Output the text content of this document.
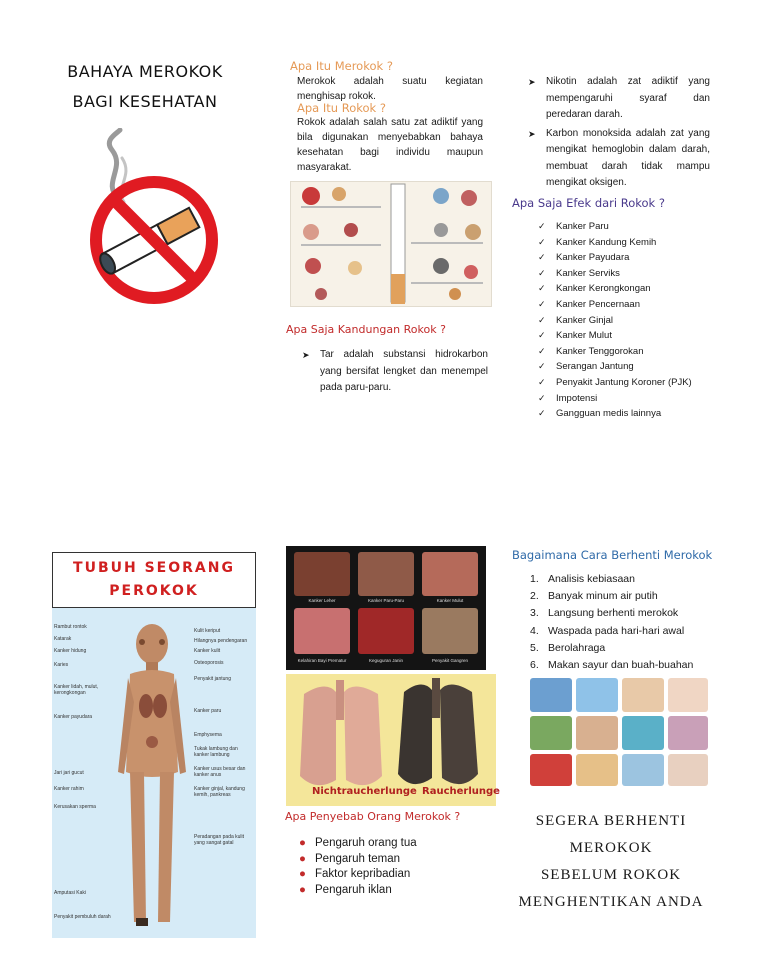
BAHAYA MEROKOK
BAGI KESEHATAN
Apa Itu Merokok ?
Merokok adalah suatu kegiatan menghisap rokok.
Apa Itu Rokok ?
Rokok adalah salah satu zat adiktif yang bila digunakan menyebabkan bahaya kesehatan bagi individu maupun masyarakat.
Apa Saja Kandungan Rokok ?
➤ Tar adalah substansi hidrokarbon yang bersifat lengket dan menempel pada paru-paru.
➤ Nikotin adalah zat adiktif yang mempengaruhi syaraf dan peredaran darah.
➤ Karbon monoksida adalah zat yang mengikat hemoglobin dalam darah, membuat darah tidak mampu mengikat oksigen.
Apa Saja Efek dari Rokok ?
✓ Kanker Paru
✓ Kanker Kandung Kemih
✓ Kanker Payudara
✓ Kanker Serviks
✓ Kanker Kerongkongan
✓ Kanker Pencernaan
✓ Kanker Ginjal
✓ Kanker Mulut
✓ Kanker Tenggorokan
✓ Serangan Jantung
✓ Penyakit Jantung Koroner (PJK)
✓ Impotensi
✓ Gangguan medis lainnya
TUBUH SEORANG
PEROKOK
Rambut rontok
Katarak
Kanker hidung
Karies
Kanker lidah, mulut, kerongkongan
Kanker payudara
Jari jari gucut
Kanker rahim
Kerusakan sperma
Amputasi Kaki
Penyakit pembuluh darah
Kulit keriput
Hilangnya pendengaran
Kanker kulit
Osteoporosis
Penyakit jantung
Kanker paru
Emphysema
Tukak lambung dan kanker lambung
Kanker usus besar dan kanker anus
Kanker ginjal, kandung kemih, pankreas
Peradangan pada kulit yang sangat gatal
Kanker Leher	Kanker Paru-Paru	Kanker Mulut
Kelahiran Bayi Prematur	Keguguran Janin	Penyakit Gangren
Nichtraucherlunge Raucherlunge
Apa Penyebab Orang Merokok ?
● Pengaruh orang tua
● Pengaruh teman
● Faktor kepribadian
● Pengaruh iklan
Bagaimana Cara Berhenti Merokok
1. Analisis kebiasaan
2. Banyak minum air putih
3. Langsung berhenti merokok
4. Waspada pada hari-hari awal
5. Berolahraga
6. Makan sayur dan buah-buahan
SEGERA BERHENTI
MEROKOK
SEBELUM ROKOK
MENGHENTIKAN ANDA
